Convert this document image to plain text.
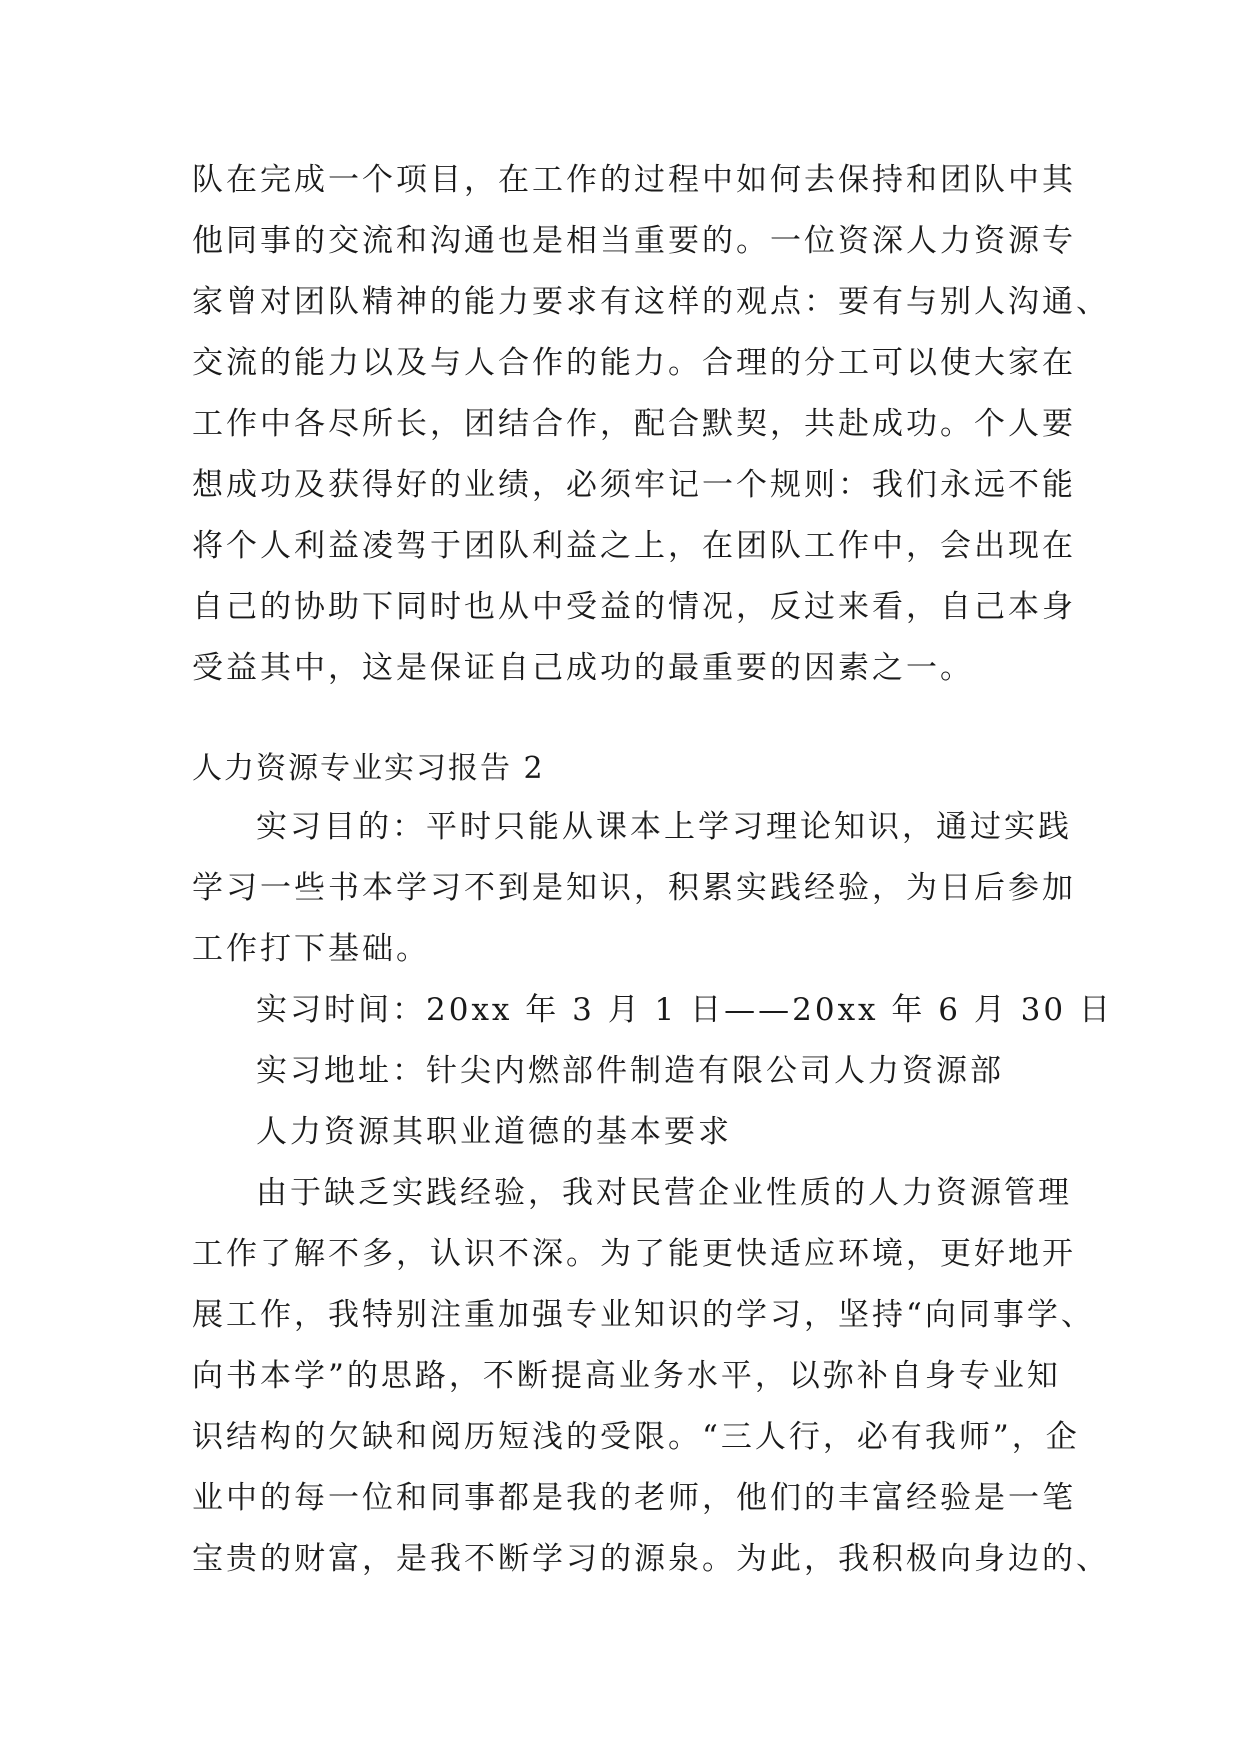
队在完成一个项目，在工作的过程中如何去保持和团队中其
他同事的交流和沟通也是相当重要的。一位资深人力资源专
家曾对团队精神的能力要求有这样的观点：要有与别人沟通、
交流的能力以及与人合作的能力。合理的分工可以使大家在
工作中各尽所长，团结合作，配合默契，共赴成功。个人要
想成功及获得好的业绩，必须牢记一个规则：我们永远不能
将个人利益凌驾于团队利益之上，在团队工作中，会出现在
自己的协助下同时也从中受益的情况，反过来看，自己本身
受益其中，这是保证自己成功的最重要的因素之一。
人力资源专业实习报告 2
实习目的：平时只能从课本上学习理论知识，通过实践
学习一些书本学习不到是知识，积累实践经验，为日后参加
工作打下基础。
实习时间：20xx 年 3 月 1 日——20xx 年 6 月 30 日
实习地址：针尖内燃部件制造有限公司人力资源部
人力资源其职业道德的基本要求
由于缺乏实践经验，我对民营企业性质的人力资源管理
工作了解不多，认识不深。为了能更快适应环境，更好地开
展工作，我特别注重加强专业知识的学习，坚持“向同事学、
向书本学”的思路，不断提高业务水平，以弥补自身专业知
识结构的欠缺和阅历短浅的受限。“三人行，必有我师”，企
业中的每一位和同事都是我的老师，他们的丰富经验是一笔
宝贵的财富，是我不断学习的源泉。为此，我积极向身边的、
